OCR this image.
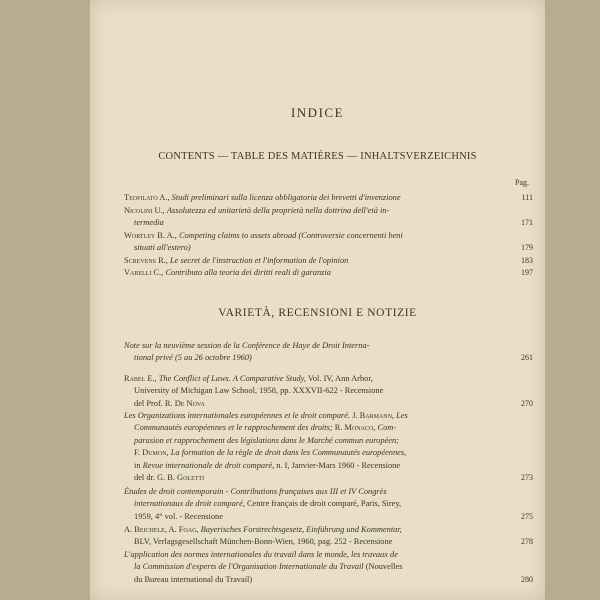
INDICE
CONTENTS — TABLE DES MATIÈRES — INHALTSVERZEICHNIS
Pag.
Teofilato A., Studi preliminari sulla licenza obbligatoria dei brevetti d'invenzione	111
Nicolini U., Assolutezza ed unitarietà della proprietà nella dottrina dell'età in-
termedia	171
Wortley B. A., Competing claims to assets abroad (Controversie concernenti beni
situati all'estero)	179
Screvens R., Le secret de l'instruction et l'information de l'opinion	183
Varelli C., Contributo alla teoria dei diritti reali di garanzia	197
VARIETÀ, RECENSIONI E NOTIZIE
Note sur la neuvième session de la Conférence de Haye de Droit Interna-
tional privé (5 au 26 octobre 1960)	261
Rabel E., The Conflict of Laws. A Comparative Study, Vol. IV, Ann Arbor,
University of Michigan Law School, 1958, pp. XXXVII-622 - Recensione
del Prof. R. De Nova	270
Les Organizations internationales européennes et le droit comparé. J. Barmann, Les
Communautés européennes et le rapprochement des droits; R. Monaco, Com-
parasion et rapprochement des législations dans le Marché commun européen;
F. Dumon, La formation de la règle de droit dans les Communautés européennes,
in Revue internationale de droit comparé, n. I, Janvier-Mars 1960 - Recensione
del dr. G. B. Goletti	273
Études de droit contemporain - Contributions françaises aux III et IV Congrès
internationaux de droit comparé, Centre français de droit comparé, Paris, Sirey,
1959, 4° vol. - Recensione	275
A. Beichele, A. Foag, Bayerisches Forstrechtsgesetz, Einführung und Kommentar,
BLV, Verlagsgesellschaft München-Bonn-Wien, 1960, pag. 252 - Recensione	278
L'application des normes internationales du travail dans le monde, les travaux de
la Commission d'experts de l'Organisation Internationale du Travail (Nouvelles
du Bureau international du Travail)	280
